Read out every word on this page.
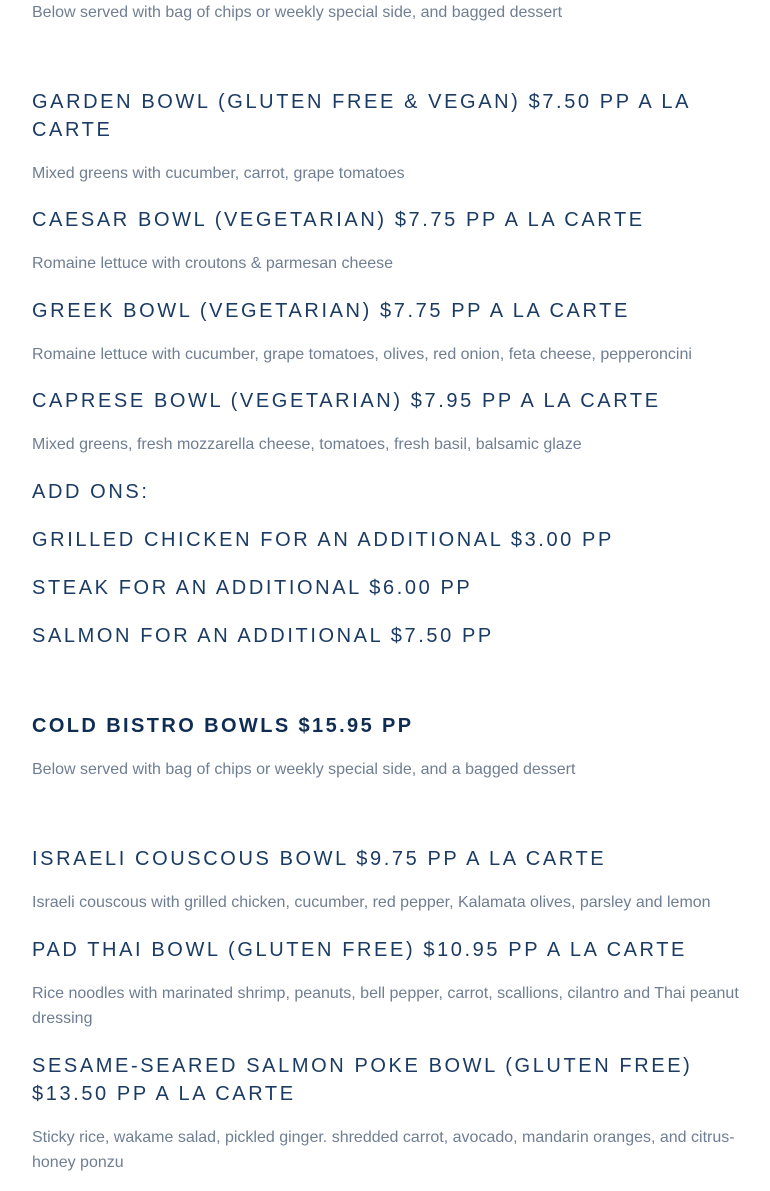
Below served with bag of chips or weekly special side, and bagged dessert

GARDEN BOWL (GLUTEN FREE & VEGAN) $7.50 PP A LA CARTE

Mixed greens with cucumber, carrot, grape tomatoes

CAESAR BOWL (VEGETARIAN) $7.75 PP A LA CARTE

Romaine lettuce with croutons & parmesan cheese

GREEK BOWL (VEGETARIAN) $7.75 PP A LA CARTE

Romaine lettuce with cucumber, grape tomatoes, olives, red onion, feta cheese, pepperoncini

CAPRESE BOWL (VEGETARIAN) $7.95 PP A LA CARTE

Mixed greens, fresh mozzarella cheese, tomatoes, fresh basil, balsamic glaze

ADD ONS:
GRILLED CHICKEN FOR AN ADDITIONAL $3.00 PP
STEAK FOR AN ADDITIONAL $6.00 PP
SALMON FOR AN ADDITIONAL $7.50 PP
COLD BISTRO BOWLS $15.95 PP

Below served with bag of chips or weekly special side, and a bagged dessert

ISRAELI COUSCOUS BOWL $9.75 PP A LA CARTE

Israeli couscous with grilled chicken, cucumber, red pepper, Kalamata olives, parsley and lemon

PAD THAI BOWL (GLUTEN FREE) $10.95 PP A LA CARTE

Rice noodles with marinated shrimp, peanuts, bell pepper, carrot, scallions, cilantro and Thai peanut dressing

SESAME-SEARED SALMON POKE BOWL (GLUTEN FREE) $13.50 PP A LA CARTE

Sticky rice, wakame salad, pickled ginger. shredded carrot, avocado, mandarin oranges, and citrus-honey ponzu
